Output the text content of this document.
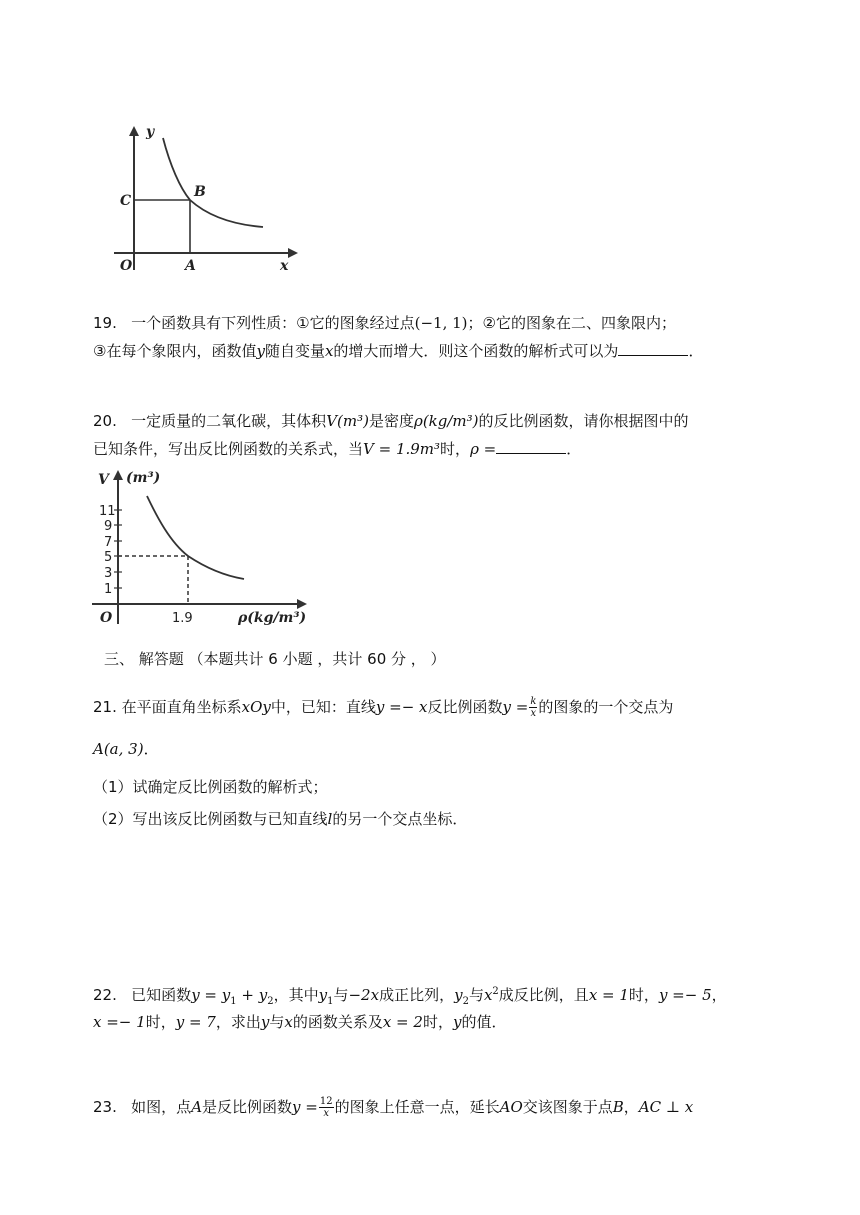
y
x
O	A
B
C
19. 一个函数具有下列性质：①它的图象经过点(−1, 1)；②它的图象在二、四象限内；
③在每个象限内，函数值y随自变量x的增大而增大．则这个函数的解析式可以为	．
20. 一定质量的二氧化碳，其体积V(m³)是密度ρ(kg/m³)的反比例函数，请你根据图中的
已知条件，写出反比例函数的关系式，当V = 1.9m³时，ρ =	．
V (m³)
11
9
7
5
3
1
O	1.9	ρ(kg/m³)
三、 解答题 （本题共计 6 小题 ，共计 60 分 ， ）
21. 在平面直角坐标系xOy中，已知：直线y =− x反比例函数$y = \frac{k}{x}$ 的图象的一个交点为
A(a, 3)．
（1）试确定反比例函数的解析式；
（2）写出该反比例函数与已知直线l的另一个交点坐标．
22. 已知函数$y = y_1 + y_2$，其中$y_1$与−2x成正比列，$y_2$与$x^2$成反比例，且x = 1时，y =− 5，
x =− 1时，y = 7，求出y与x的函数关系及x = 2时，y的值．
23. 如图，点A是反比例函数$y = \frac{12}{x}$ 的图象上任意一点，延长AO交该图象于点B，AC ⊥ x
